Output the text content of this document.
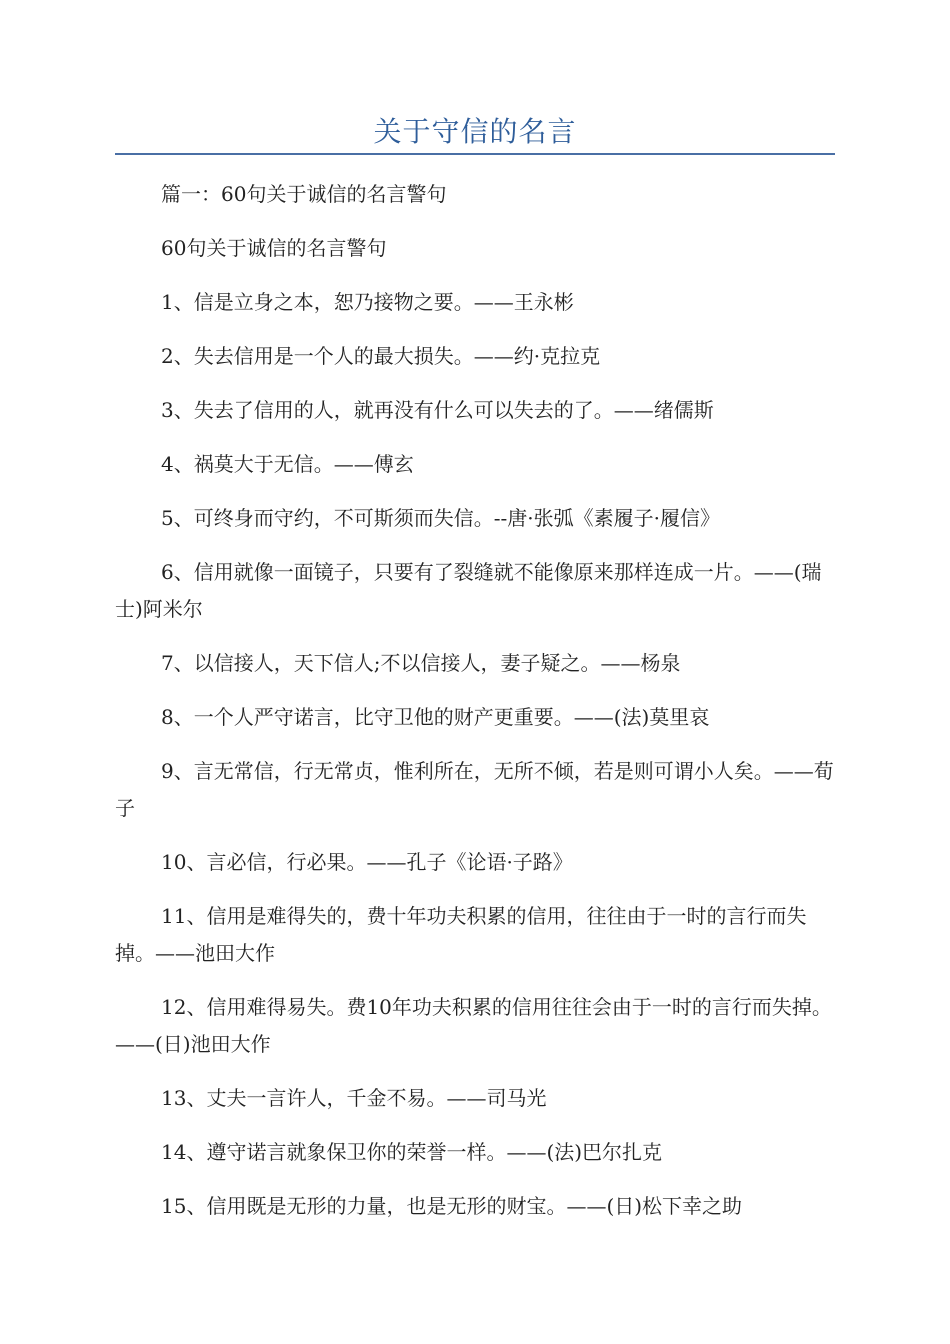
关于守信的名言

篇一：60句关于诚信的名言警句

60句关于诚信的名言警句

1、信是立身之本，恕乃接物之要。——王永彬

2、失去信用是一个人的最大损失。——约·克拉克

3、失去了信用的人，就再没有什么可以失去的了。——绪儒斯

4、祸莫大于无信。——傅玄

5、可终身而守约，不可斯须而失信。--唐·张弧《素履子·履信》

6、信用就像一面镜子，只要有了裂缝就不能像原来那样连成一片。——(瑞士)阿米尔

7、以信接人，天下信人;不以信接人，妻子疑之。——杨泉

8、一个人严守诺言，比守卫他的财产更重要。——(法)莫里哀

9、言无常信，行无常贞，惟利所在，无所不倾，若是则可谓小人矣。——荀子

10、言必信，行必果。——孔子《论语·子路》

11、信用是难得失的，费十年功夫积累的信用，往往由于一时的言行而失掉。——池田大作

12、信用难得易失。费10年功夫积累的信用往往会由于一时的言行而失掉。——(日)池田大作

13、丈夫一言许人，千金不易。——司马光

14、遵守诺言就象保卫你的荣誉一样。——(法)巴尔扎克

15、信用既是无形的力量，也是无形的财宝。——(日)松下幸之助
